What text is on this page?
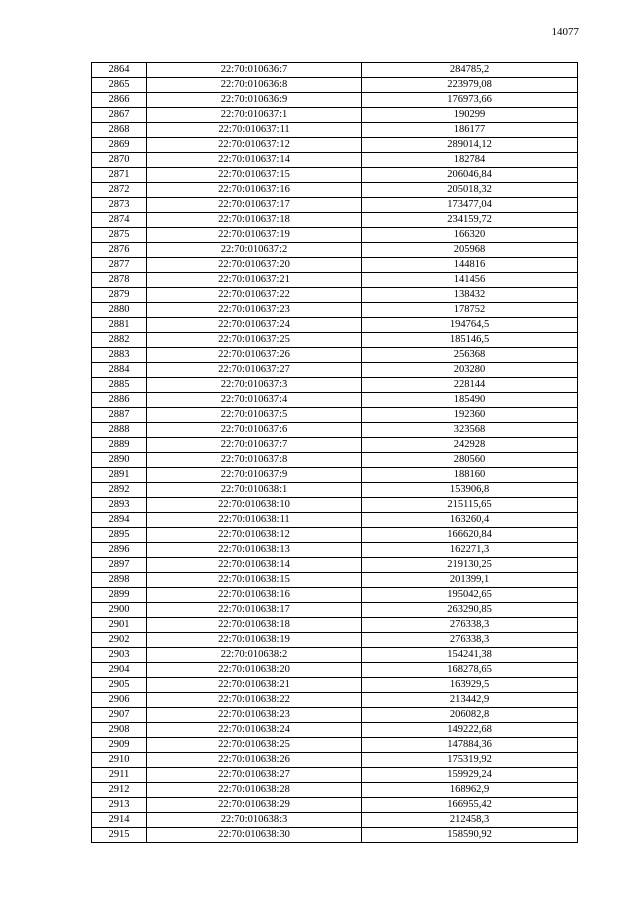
14077
2864	22:70:010636:7	284785,2
2865	22:70:010636:8	223979,08
2866	22:70:010636:9	176973,66
2867	22:70:010637:1	190299
2868	22:70:010637:11	186177
2869	22:70:010637:12	289014,12
2870	22:70:010637:14	182784
2871	22:70:010637:15	206046,84
2872	22:70:010637:16	205018,32
2873	22:70:010637:17	173477,04
2874	22:70:010637:18	234159,72
2875	22:70:010637:19	166320
2876	22:70:010637:2	205968
2877	22:70:010637:20	144816
2878	22:70:010637:21	141456
2879	22:70:010637:22	138432
2880	22:70:010637:23	178752
2881	22:70:010637:24	194764,5
2882	22:70:010637:25	185146,5
2883	22:70:010637:26	256368
2884	22:70:010637:27	203280
2885	22:70:010637:3	228144
2886	22:70:010637:4	185490
2887	22:70:010637:5	192360
2888	22:70:010637:6	323568
2889	22:70:010637:7	242928
2890	22:70:010637:8	280560
2891	22:70:010637:9	188160
2892	22:70:010638:1	153906,8
2893	22:70:010638:10	215115,65
2894	22:70:010638:11	163260,4
2895	22:70:010638:12	166620,84
2896	22:70:010638:13	162271,3
2897	22:70:010638:14	219130,25
2898	22:70:010638:15	201399,1
2899	22:70:010638:16	195042,65
2900	22:70:010638:17	263290,85
2901	22:70:010638:18	276338,3
2902	22:70:010638:19	276338,3
2903	22:70:010638:2	154241,38
2904	22:70:010638:20	168278,65
2905	22:70:010638:21	163929,5
2906	22:70:010638:22	213442,9
2907	22:70:010638:23	206082,8
2908	22:70:010638:24	149222,68
2909	22:70:010638:25	147884,36
2910	22:70:010638:26	175319,92
2911	22:70:010638:27	159929,24
2912	22:70:010638:28	168962,9
2913	22:70:010638:29	166955,42
2914	22:70:010638:3	212458,3
2915	22:70:010638:30	158590,92
